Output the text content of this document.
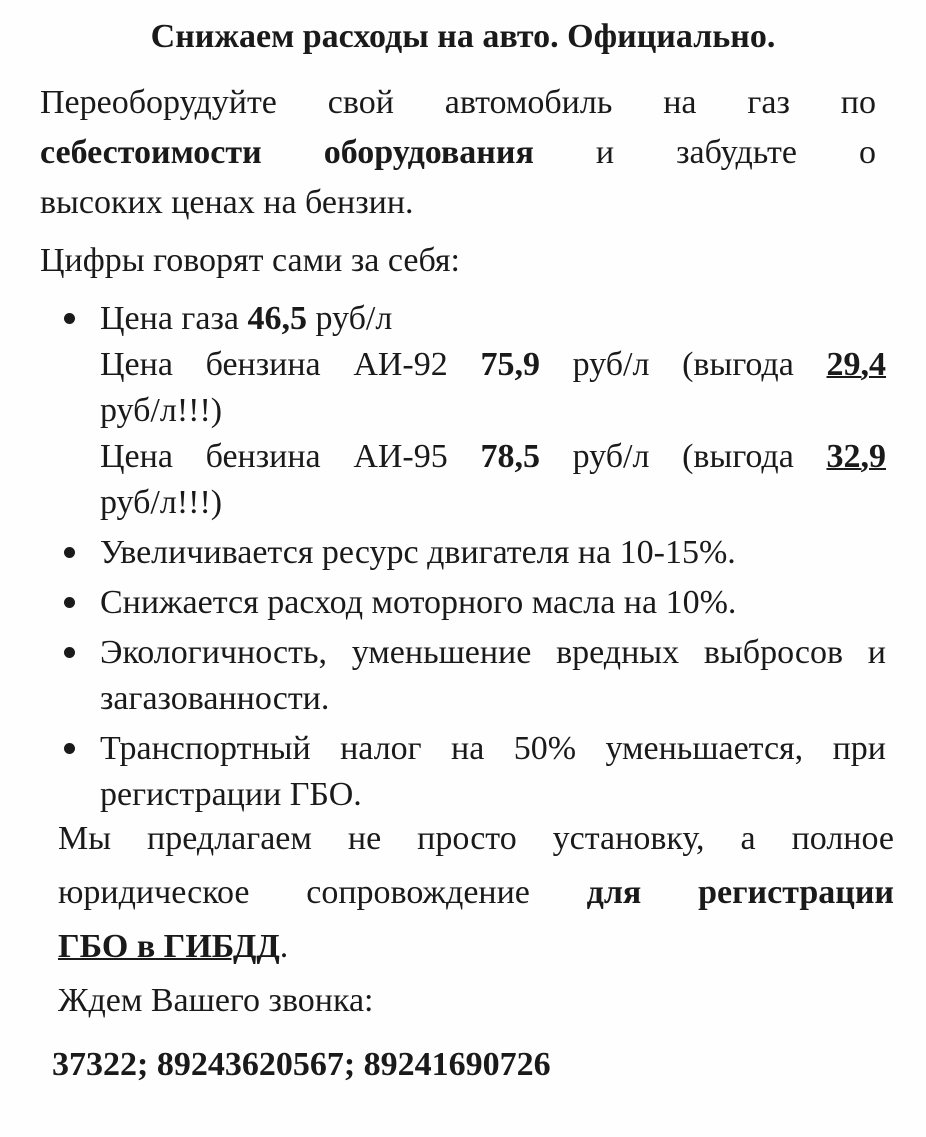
Снижаем расходы на авто. Официально.

Переоборудуйте свой автомобиль на газ по
себестоимости оборудования и забудьте о
высоких ценах на бензин.

Цифры говорят сами за себя:

Цена газа 46,5 руб/л
Цена бензина АИ-92 75,9 руб/л (выгода 29,4
руб/л!!!)
Цена бензина АИ-95 78,5 руб/л (выгода 32,9
руб/л!!!)
Увеличивается ресурс двигателя на 10-15%.
Снижается расход моторного масла на 10%.
Экологичность, уменьшение вредных выбросов и загазованности.
Транспортный налог на 50% уменьшается, при регистрации ГБО.

Мы предлагаем не просто установку, а полное
юридическое сопровождение для регистрации
ГБО в ГИБДД.

Ждем Вашего звонка:

37322; 89243620567; 89241690726
